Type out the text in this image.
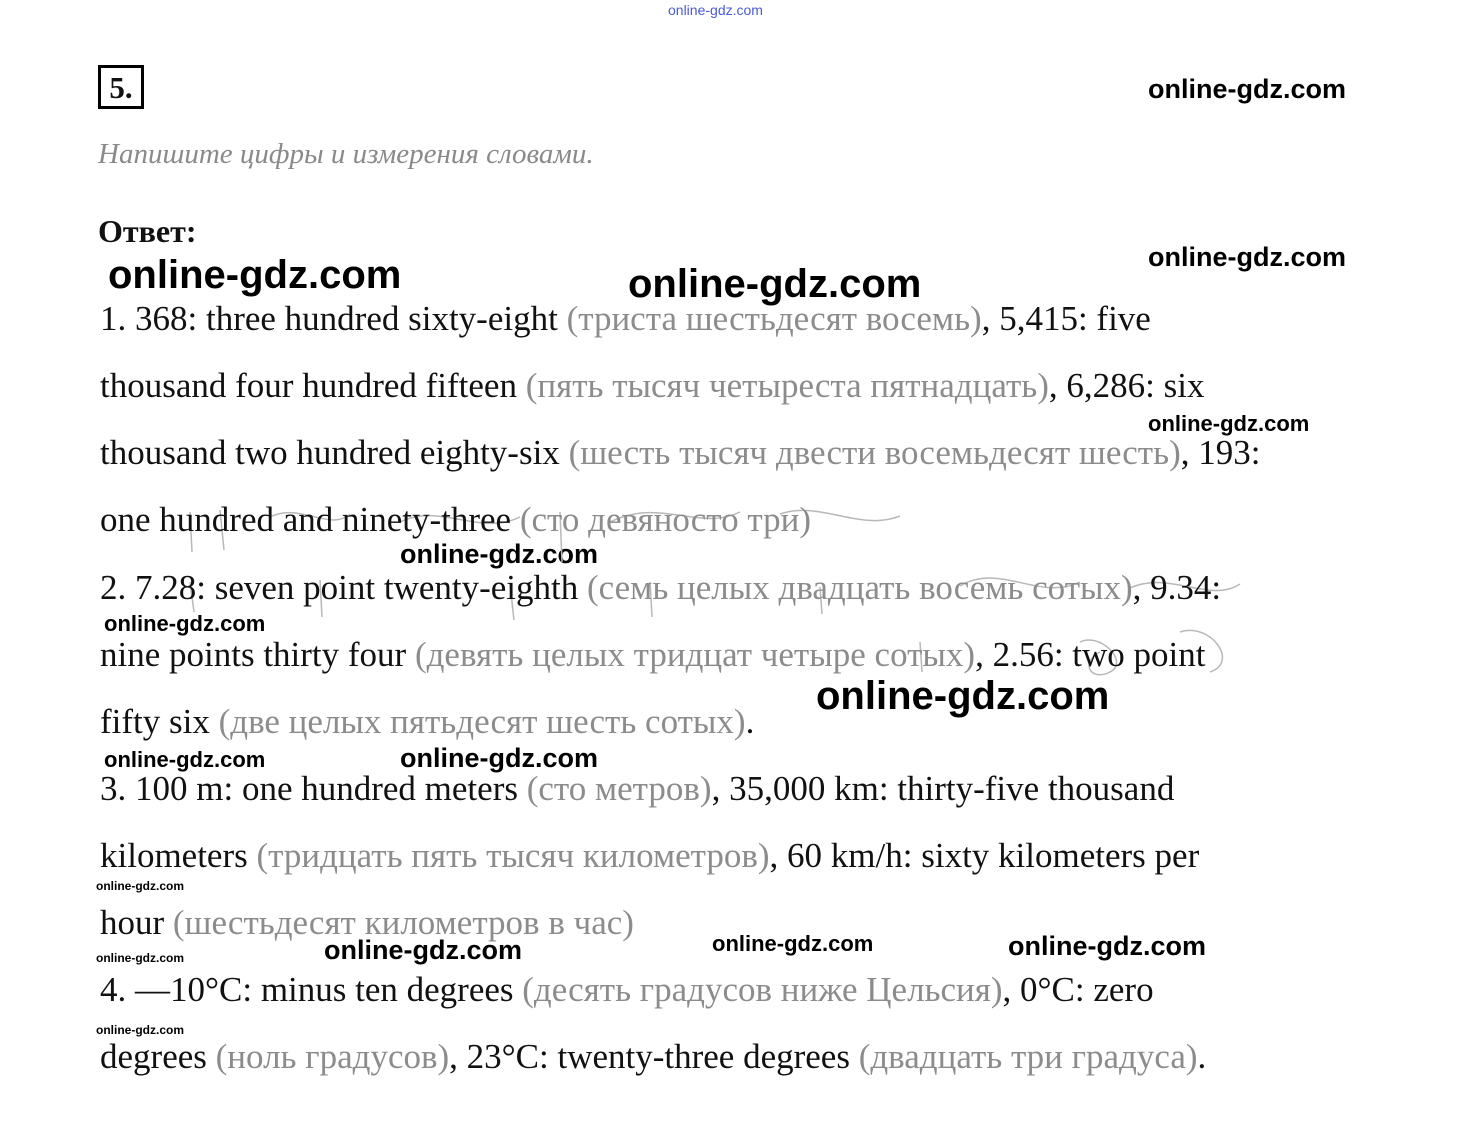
online-gdz.com
online-gdz.com
online-gdz.com
online-gdz.com	online-gdz.com
online-gdz.com
online-gdz.com
online-gdz.com
online-gdz.com
online-gdz.com	online-gdz.com
online-gdz.com
online-gdz.com	online-gdz.com	online-gdz.com
online-gdz.com
online-gdz.com
5.
Напишите цифры и измерения словами.
Ответ:
1. 368: three hundred sixty-eight (триста шестьдесят восемь), 5,415: five
thousand four hundred fifteen (пять тысяч четыреста пятнадцать), 6,286: six
thousand two hundred eighty-six (шесть тысяч двести восемьдесят шесть), 193:
one hundred and ninety-three (сто девяносто три)
2. 7.28: seven point twenty-eighth (семь целых двадцать восемь сотых), 9.34:
nine points thirty four (девять целых тридцат четыре сотых), 2.56: two point
fifty six (две целых пятьдесят шесть сотых).
3. 100 m: one hundred meters (сто метров), 35,000 km: thirty-five thousand
kilometers (тридцать пять тысяч километров), 60 km/h: sixty kilometers per
hour (шестьдесят километров в час)
4. —10°C: minus ten degrees (десять градусов ниже Цельсия), 0°C: zero
degrees (ноль градусов), 23°C: twenty-three degrees (двадцать три градуса).
